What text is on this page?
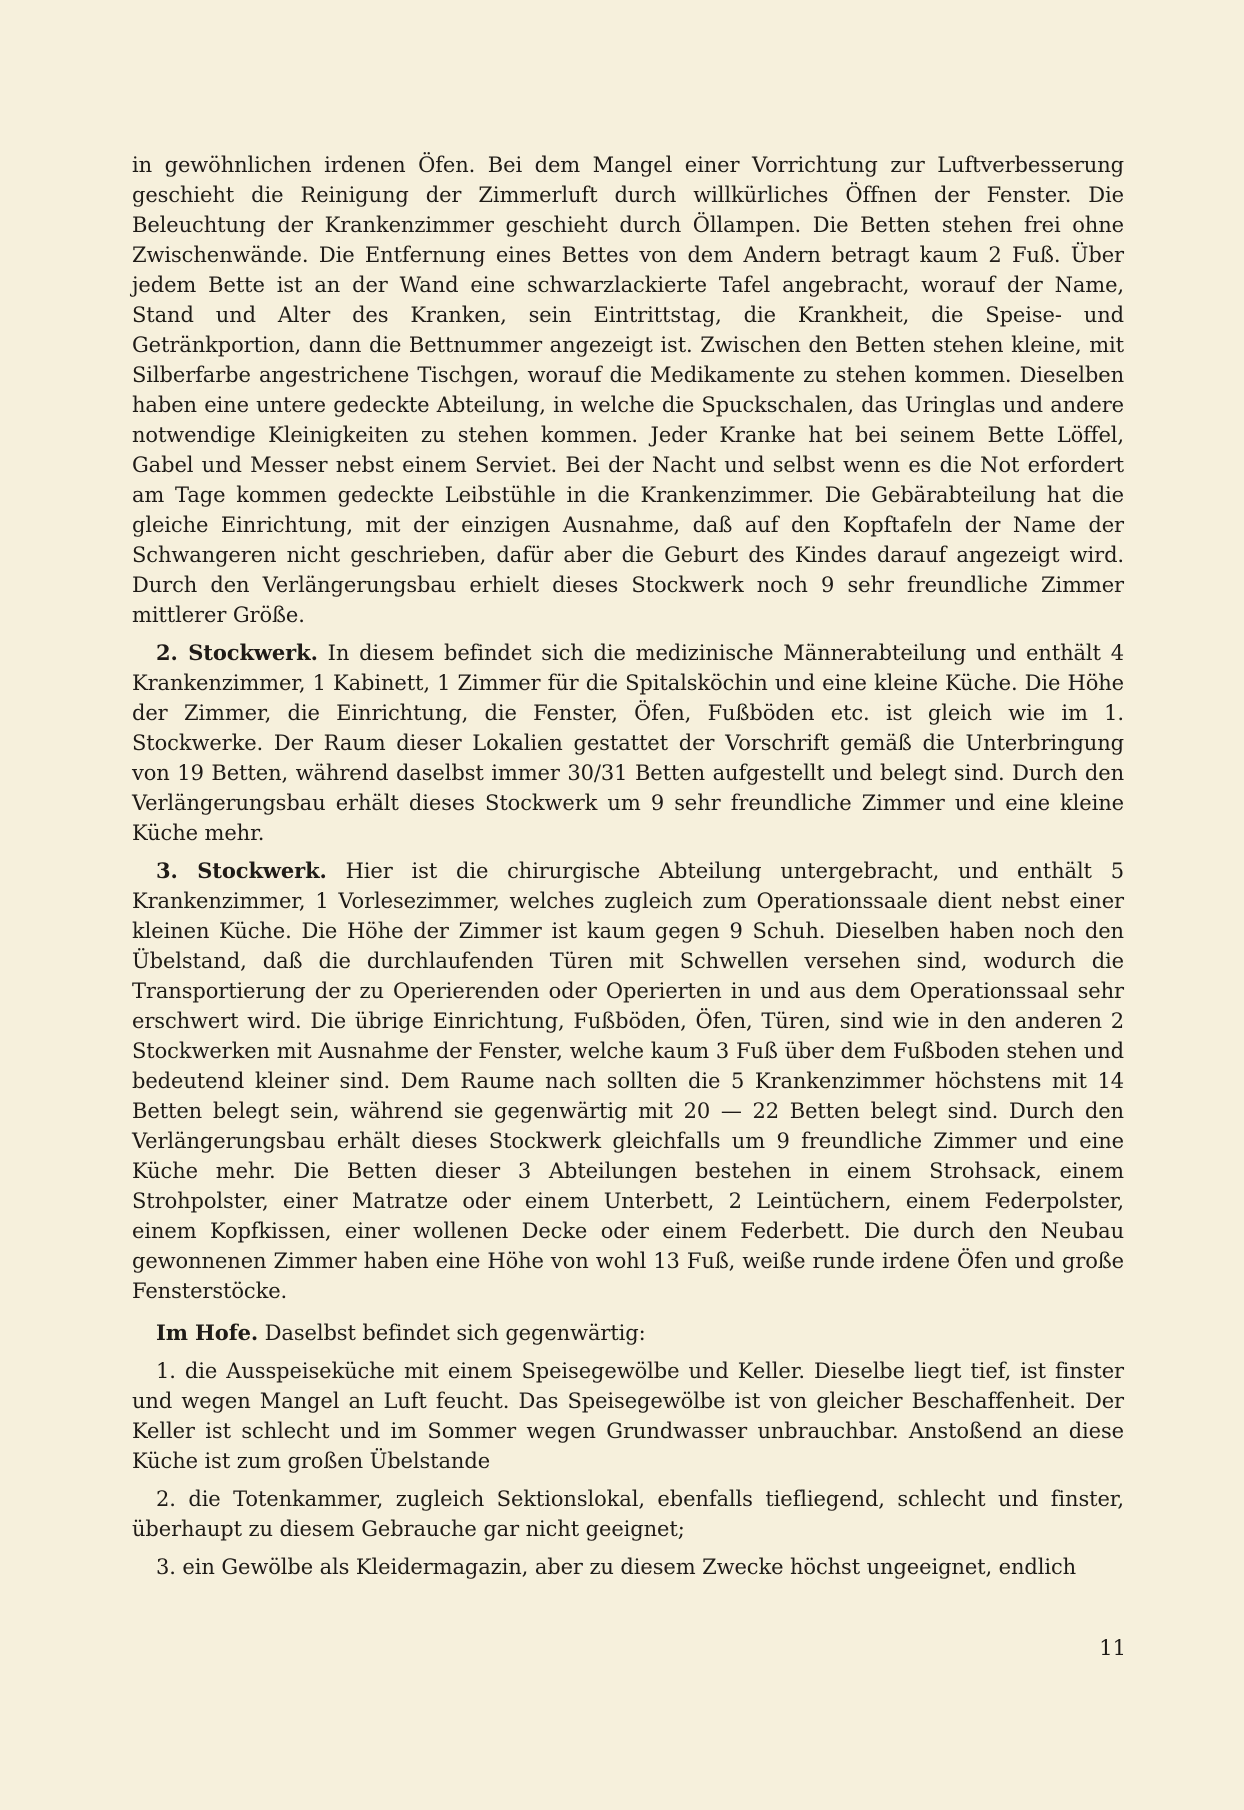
in gewöhnlichen irdenen Öfen. Bei dem Mangel einer Vorrichtung zur Luftverbesserung geschieht die Reinigung der Zimmerluft durch willkürliches Öffnen der Fenster. Die Beleuchtung der Krankenzimmer geschieht durch Öllampen. Die Betten stehen frei ohne Zwischenwände. Die Entfernung eines Bettes von dem Andern betragt kaum 2 Fuß. Über jedem Bette ist an der Wand eine schwarzlackierte Tafel angebracht, worauf der Name, Stand und Alter des Kranken, sein Eintrittstag, die Krankheit, die Speise- und Getränkportion, dann die Bettnummer angezeigt ist. Zwischen den Betten stehen kleine, mit Silberfarbe angestrichene Tischgen, worauf die Medikamente zu stehen kommen. Dieselben haben eine untere gedeckte Abteilung, in welche die Spuckschalen, das Uringlas und andere notwendige Kleinigkeiten zu stehen kommen. Jeder Kranke hat bei seinem Bette Löffel, Gabel und Messer nebst einem Serviet. Bei der Nacht und selbst wenn es die Not erfordert am Tage kommen gedeckte Leibstühle in die Krankenzimmer. Die Gebärabteilung hat die gleiche Einrichtung, mit der einzigen Ausnahme, daß auf den Kopftafeln der Name der Schwangeren nicht geschrieben, dafür aber die Geburt des Kindes darauf angezeigt wird. Durch den Verlängerungsbau erhielt dieses Stockwerk noch 9 sehr freundliche Zimmer mittlerer Größe.

2. Stockwerk. In diesem befindet sich die medizinische Männerabteilung und enthält 4 Krankenzimmer, 1 Kabinett, 1 Zimmer für die Spitalsköchin und eine kleine Küche. Die Höhe der Zimmer, die Einrichtung, die Fenster, Öfen, Fußböden etc. ist gleich wie im 1. Stockwerke. Der Raum dieser Lokalien gestattet der Vorschrift gemäß die Unterbringung von 19 Betten, während daselbst immer 30/31 Betten aufgestellt und belegt sind. Durch den Verlängerungsbau erhält dieses Stockwerk um 9 sehr freundliche Zimmer und eine kleine Küche mehr.

3. Stockwerk. Hier ist die chirurgische Abteilung untergebracht, und enthält 5 Krankenzimmer, 1 Vorlesezimmer, welches zugleich zum Operationssaale dient nebst einer kleinen Küche. Die Höhe der Zimmer ist kaum gegen 9 Schuh. Dieselben haben noch den Übelstand, daß die durchlaufenden Türen mit Schwellen versehen sind, wodurch die Transportierung der zu Operierenden oder Operierten in und aus dem Operationssaal sehr erschwert wird. Die übrige Einrichtung, Fußböden, Öfen, Türen, sind wie in den anderen 2 Stockwerken mit Ausnahme der Fenster, welche kaum 3 Fuß über dem Fußboden stehen und bedeutend kleiner sind. Dem Raume nach sollten die 5 Krankenzimmer höchstens mit 14 Betten belegt sein, während sie gegenwärtig mit 20 — 22 Betten belegt sind. Durch den Verlängerungsbau erhält dieses Stockwerk gleichfalls um 9 freundliche Zimmer und eine Küche mehr. Die Betten dieser 3 Abteilungen bestehen in einem Strohsack, einem Strohpolster, einer Matratze oder einem Unterbett, 2 Leintüchern, einem Federpolster, einem Kopfkissen, einer wollenen Decke oder einem Federbett. Die durch den Neubau gewonnenen Zimmer haben eine Höhe von wohl 13 Fuß, weiße runde irdene Öfen und große Fensterstöcke.

Im Hofe. Daselbst befindet sich gegenwärtig:

1. die Ausspeiseküche mit einem Speisegewölbe und Keller. Dieselbe liegt tief, ist finster und wegen Mangel an Luft feucht. Das Speisegewölbe ist von gleicher Beschaffenheit. Der Keller ist schlecht und im Sommer wegen Grundwasser unbrauchbar. Anstoßend an diese Küche ist zum großen Übelstande

2. die Totenkammer, zugleich Sektionslokal, ebenfalls tiefliegend, schlecht und finster, überhaupt zu diesem Gebrauche gar nicht geeignet;

3. ein Gewölbe als Kleidermagazin, aber zu diesem Zwecke höchst ungeeignet, endlich

11
